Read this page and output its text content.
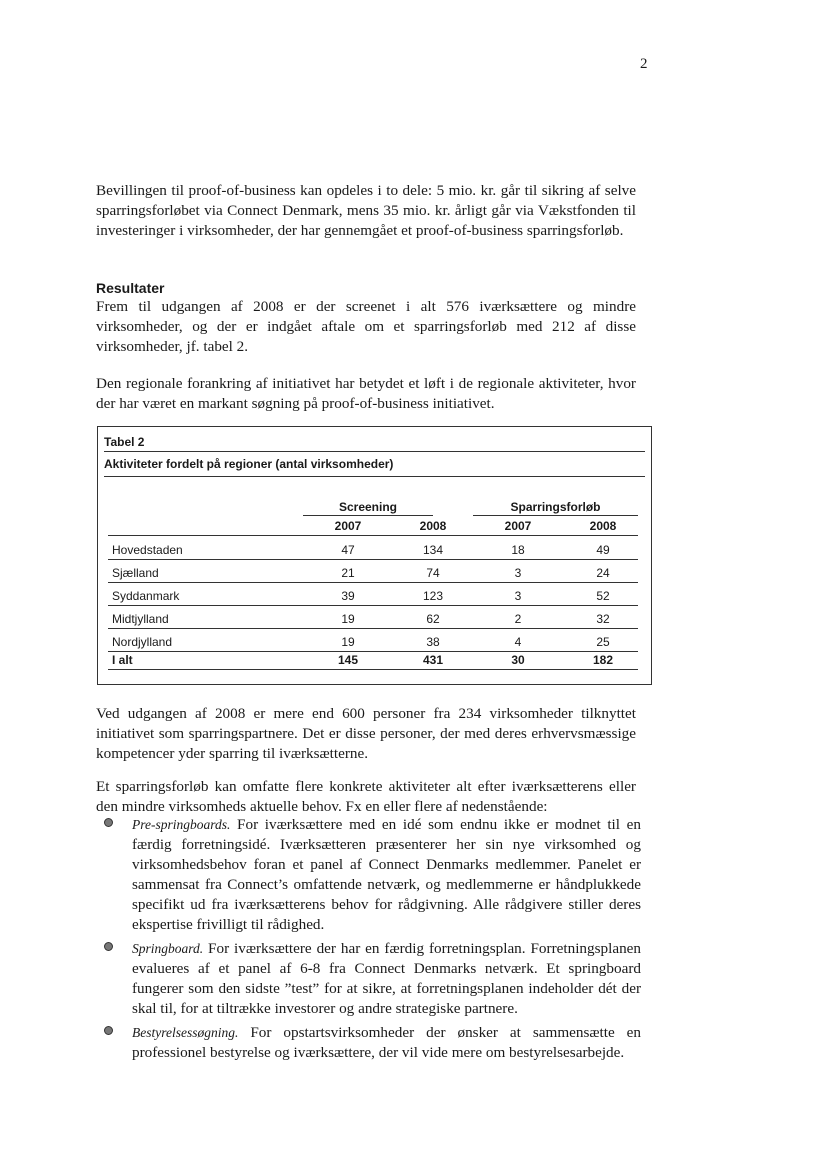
2

Bevillingen til proof-of-business kan opdeles i to dele: 5 mio. kr. går til sikring af selve sparringsforløbet via Connect Denmark, mens 35 mio. kr. årligt går via Vækstfonden til investeringer i virksomheder, der har gennemgået et proof-of-business sparringsforløb.

Resultater

Frem til udgangen af 2008 er der screenet i alt 576 iværksættere og mindre virksomheder, og der er indgået aftale om et sparringsforløb med 212 af disse virksomheder, jf. tabel 2.

Den regionale forankring af initiativet har betydet et løft i de regionale aktiviteter, hvor der har været en markant søgning på proof-of-business initiativet.

Tabel 2
Aktiviteter fordelt på regioner (antal virksomheder)
Screening	Sparringsforløb
2007	2008	2007	2008
Hovedstaden	47	134	18	49
Sjælland	21	74	3	24
Syddanmark	39	123	3	52
Midtjylland	19	62	2	32
Nordjylland	19	38	4	25
I alt	145	431	30	182

Ved udgangen af 2008 er mere end 600 personer fra 234 virksomheder tilknyttet initiativet som sparringspartnere. Det er disse personer, der med deres erhvervsmæssige kompetencer yder sparring til iværksætterne.

Et sparringsforløb kan omfatte flere konkrete aktiviteter alt efter iværksætterens eller den mindre virksomheds aktuelle behov. Fx en eller flere af nedenstående:

Pre-springboards. For iværksættere med en idé som endnu ikke er modnet til en færdig forretningsidé. Iværksætteren præsenterer her sin nye virksomhed og virksomhedsbehov foran et panel af Connect Denmarks medlemmer. Panelet er sammensat fra Connect’s omfattende netværk, og medlemmerne er håndplukkede specifikt ud fra iværksætterens behov for rådgivning. Alle rådgivere stiller deres ekspertise frivilligt til rådighed.
Springboard. For iværksættere der har en færdig forretningsplan. Forretningsplanen evalueres af et panel af 6-8 fra Connect Denmarks netværk. Et springboard fungerer som den sidste ”test” for at sikre, at forretningsplanen indeholder dét der skal til, for at tiltrække investorer og andre strategiske partnere.
Bestyrelsessøgning. For opstartsvirksomheder der ønsker at sammensætte en professionel bestyrelse og iværksættere, der vil vide mere om bestyrelsesarbejde.
